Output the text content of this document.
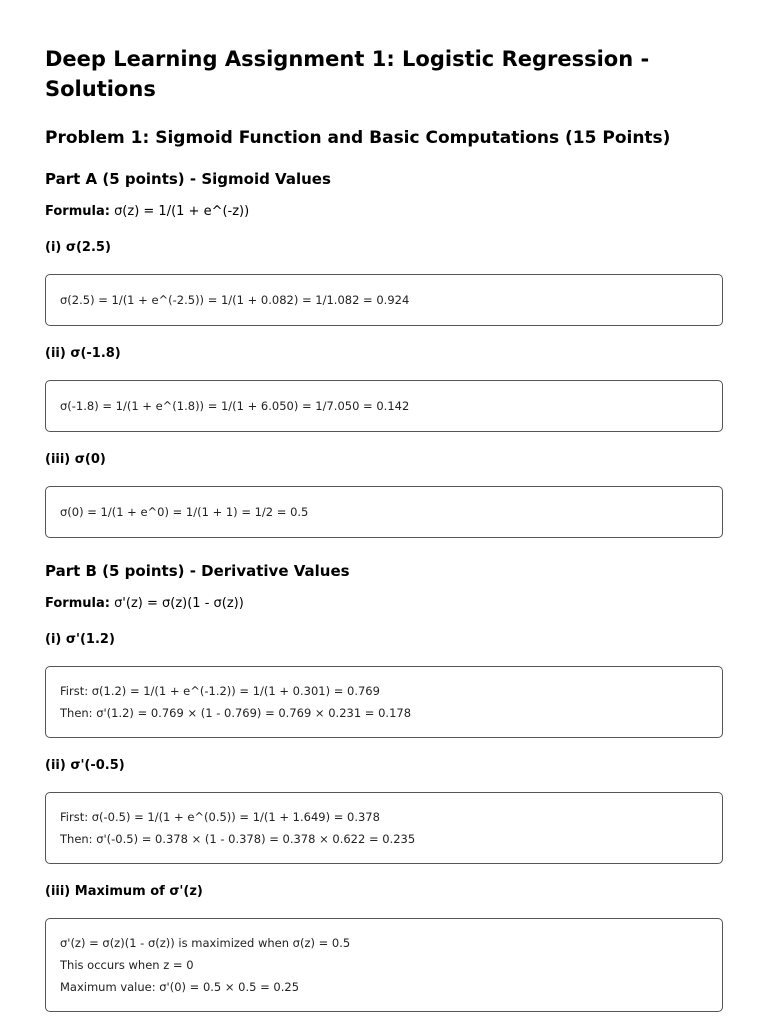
Deep Learning Assignment 1: Logistic Regression - Solutions
Problem 1: Sigmoid Function and Basic Computations (15 Points)
Part A (5 points) - Sigmoid Values

Formula: σ(z) = 1/(1 + e^(-z))

(i) σ(2.5)
σ(2.5) = 1/(1 + e^(-2.5)) = 1/(1 + 0.082) = 1/1.082 = 0.924
(ii) σ(-1.8)
σ(-1.8) = 1/(1 + e^(1.8)) = 1/(1 + 6.050) = 1/7.050 = 0.142
(iii) σ(0)
σ(0) = 1/(1 + e^0) = 1/(1 + 1) = 1/2 = 0.5
Part B (5 points) - Derivative Values

Formula: σ'(z) = σ(z)(1 - σ(z))

(i) σ'(1.2)
First: σ(1.2) = 1/(1 + e^(-1.2)) = 1/(1 + 0.301) = 0.769
Then: σ'(1.2) = 0.769 × (1 - 0.769) = 0.769 × 0.231 = 0.178
(ii) σ'(-0.5)
First: σ(-0.5) = 1/(1 + e^(0.5)) = 1/(1 + 1.649) = 0.378
Then: σ'(-0.5) = 0.378 × (1 - 0.378) = 0.378 × 0.622 = 0.235
(iii) Maximum of σ'(z)
σ'(z) = σ(z)(1 - σ(z)) is maximized when σ(z) = 0.5
This occurs when z = 0
Maximum value: σ'(0) = 0.5 × 0.5 = 0.25
